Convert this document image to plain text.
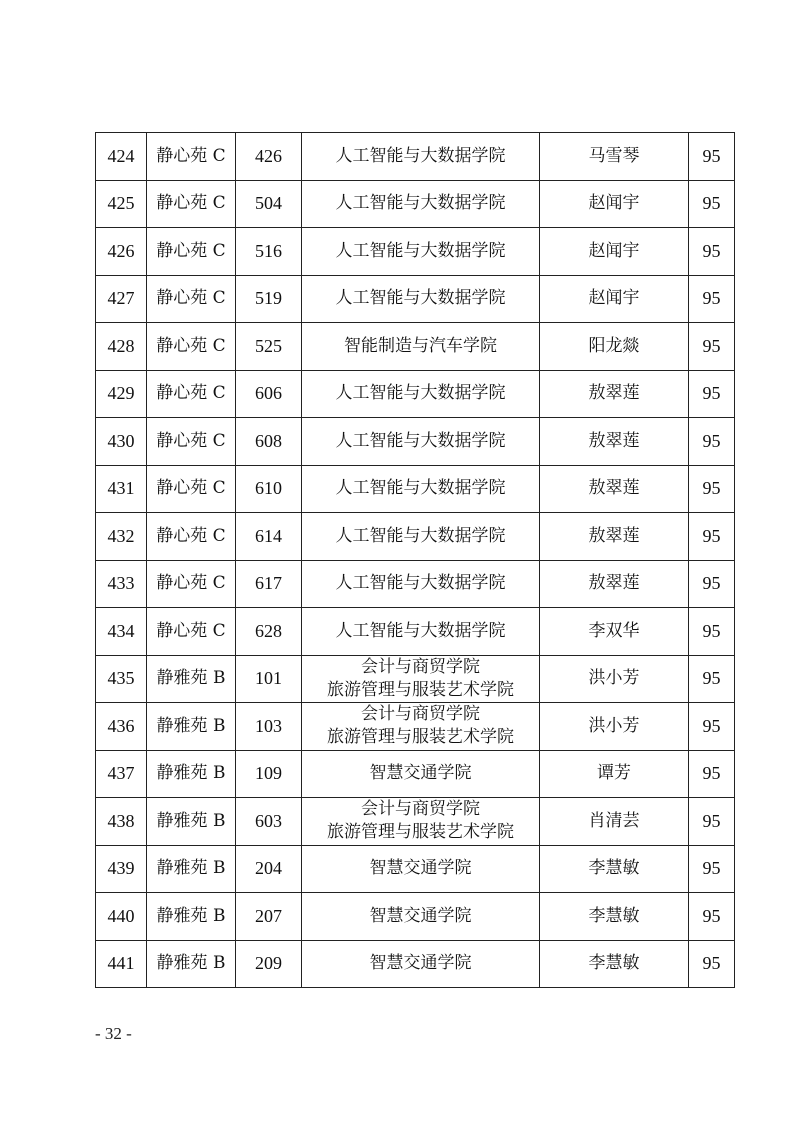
424	静心苑 C	426	人工智能与大数据学院	马雪琴	95
425	静心苑 C	504	人工智能与大数据学院	赵闻宇	95
426	静心苑 C	516	人工智能与大数据学院	赵闻宇	95
427	静心苑 C	519	人工智能与大数据学院	赵闻宇	95
428	静心苑 C	525	智能制造与汽车学院	阳龙燚	95
429	静心苑 C	606	人工智能与大数据学院	敖翠莲	95
430	静心苑 C	608	人工智能与大数据学院	敖翠莲	95
431	静心苑 C	610	人工智能与大数据学院	敖翠莲	95
432	静心苑 C	614	人工智能与大数据学院	敖翠莲	95
433	静心苑 C	617	人工智能与大数据学院	敖翠莲	95
434	静心苑 C	628	人工智能与大数据学院	李双华	95
435	静雅苑 B	101	会计与商贸学院
旅游管理与服装艺术学院	洪小芳	95
436	静雅苑 B	103	会计与商贸学院
旅游管理与服装艺术学院	洪小芳	95
437	静雅苑 B	109	智慧交通学院	谭芳	95
438	静雅苑 B	603	会计与商贸学院
旅游管理与服装艺术学院	肖清芸	95
439	静雅苑 B	204	智慧交通学院	李慧敏	95
440	静雅苑 B	207	智慧交通学院	李慧敏	95
441	静雅苑 B	209	智慧交通学院	李慧敏	95
- 32 -
